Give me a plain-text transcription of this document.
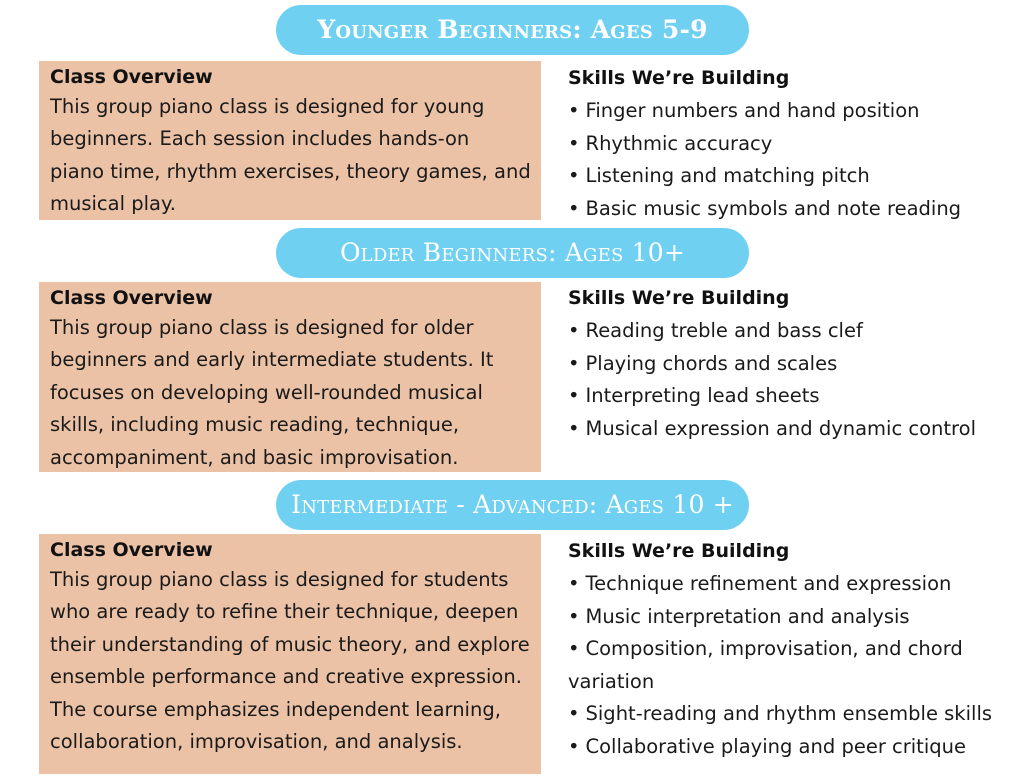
Younger Beginners: Ages 5-9
Class Overview
This group piano class is designed for young
beginners. Each session includes hands-on
piano time, rhythm exercises, theory games, and
musical play.
Skills We’re Building
• Finger numbers and hand position
• Rhythmic accuracy
• Listening and matching pitch
• Basic music symbols and note reading
Older Beginners: Ages 10+
Class Overview
This group piano class is designed for older
beginners and early intermediate students. It
focuses on developing well-rounded musical
skills, including music reading, technique,
accompaniment, and basic improvisation.
Skills We’re Building
• Reading treble and bass clef
• Playing chords and scales
• Interpreting lead sheets
• Musical expression and dynamic control
Intermediate - Advanced: Ages 10 +
Class Overview
This group piano class is designed for students
who are ready to refine their technique, deepen
their understanding of music theory, and explore
ensemble performance and creative expression.
The course emphasizes independent learning,
collaboration, improvisation, and analysis.
Skills We’re Building
• Technique refinement and expression
• Music interpretation and analysis
• Composition, improvisation, and chord
variation
• Sight-reading and rhythm ensemble skills
• Collaborative playing and peer critique
